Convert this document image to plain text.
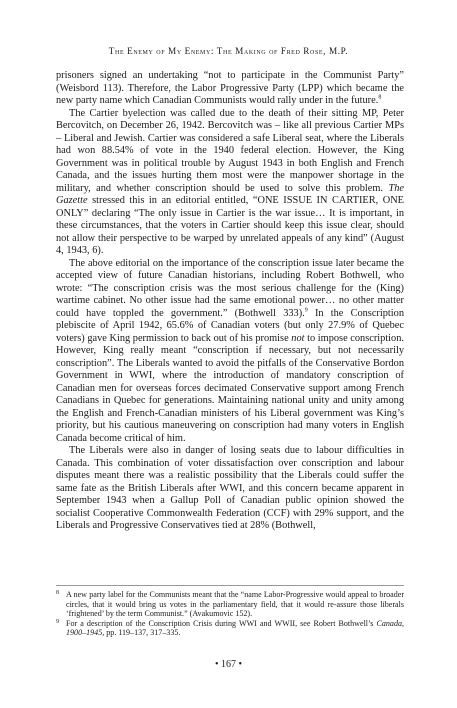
The Enemy of My Enemy: The Making of Fred Rose, M.P.

prisoners signed an undertaking “not to participate in the Communist Party” (Weisbord 113). Therefore, the Labor Progressive Party (LPP) which became the new party name which Canadian Communists would rally under in the future.$^8$

The Cartier byelection was called due to the death of their sitting MP, Peter Bercovitch, on December 26, 1942. Bercovitch was – like all previous Cartier MPs – Liberal and Jewish. Cartier was considered a safe Liberal seat, where the Liberals had won 88.54% of vote in the 1940 federal election. However, the King Government was in political trouble by August 1943 in both English and French Canada, and the issues hurting them most were the manpower shortage in the military, and whether conscription should be used to solve this problem. The Gazette stressed this in an editorial entitled, “ONE ISSUE IN CARTIER, ONE ONLY” declaring “The only issue in Cartier is the war issue… It is important, in these circumstances, that the voters in Cartier should keep this issue clear, should not allow their perspective to be warped by unrelated appeals of any kind” (August 4, 1943, 6).

The above editorial on the importance of the conscription issue later became the accepted view of future Canadian historians, including Robert Bothwell, who wrote: “The conscription crisis was the most serious challenge for the (King) wartime cabinet. No other issue had the same emotional power… no other matter could have toppled the government.” (Bothwell 333).$^9$ In the Conscription plebiscite of April 1942, 65.6% of Canadian voters (but only 27.9% of Quebec voters) gave King permission to back out of his promise not to impose conscription. However, King really meant “conscription if necessary, but not necessarily conscription”. The Liberals wanted to avoid the pitfalls of the Conservative Bordon Government in WWI, where the introduction of mandatory conscription of Canadian men for overseas forces decimated Conservative support among French Canadians in Quebec for generations. Maintaining national unity and unity among the English and French-Canadian ministers of his Liberal government was King’s priority, but his cautious maneuvering on conscription had many voters in English Canada become critical of him.

The Liberals were also in danger of losing seats due to labour difficulties in Canada. This combination of voter dissatisfaction over conscription and labour disputes meant there was a realistic possibility that the Liberals could suffer the same fate as the British Liberals after WWI, and this concern became apparent in September 1943 when a Gallup Poll of Canadian public opinion showed the socialist Cooperative Commonwealth Federation (CCF) with 29% support, and the Liberals and Progressive Conservatives tied at 28% (Bothwell,

8 A new party label for the Communists meant that the “name Labor-Progressive would appeal to broader circles, that it would bring us votes in the parliamentary field, that it would re-assure those liberals ‘frightened’ by the term Communist.” (Avakumovic 152).

9 For a description of the Conscription Crisis during WWI and WWII, see Robert Bothwell’s Canada, 1900–1945, pp. 119–137, 317–335.

• 167 •
